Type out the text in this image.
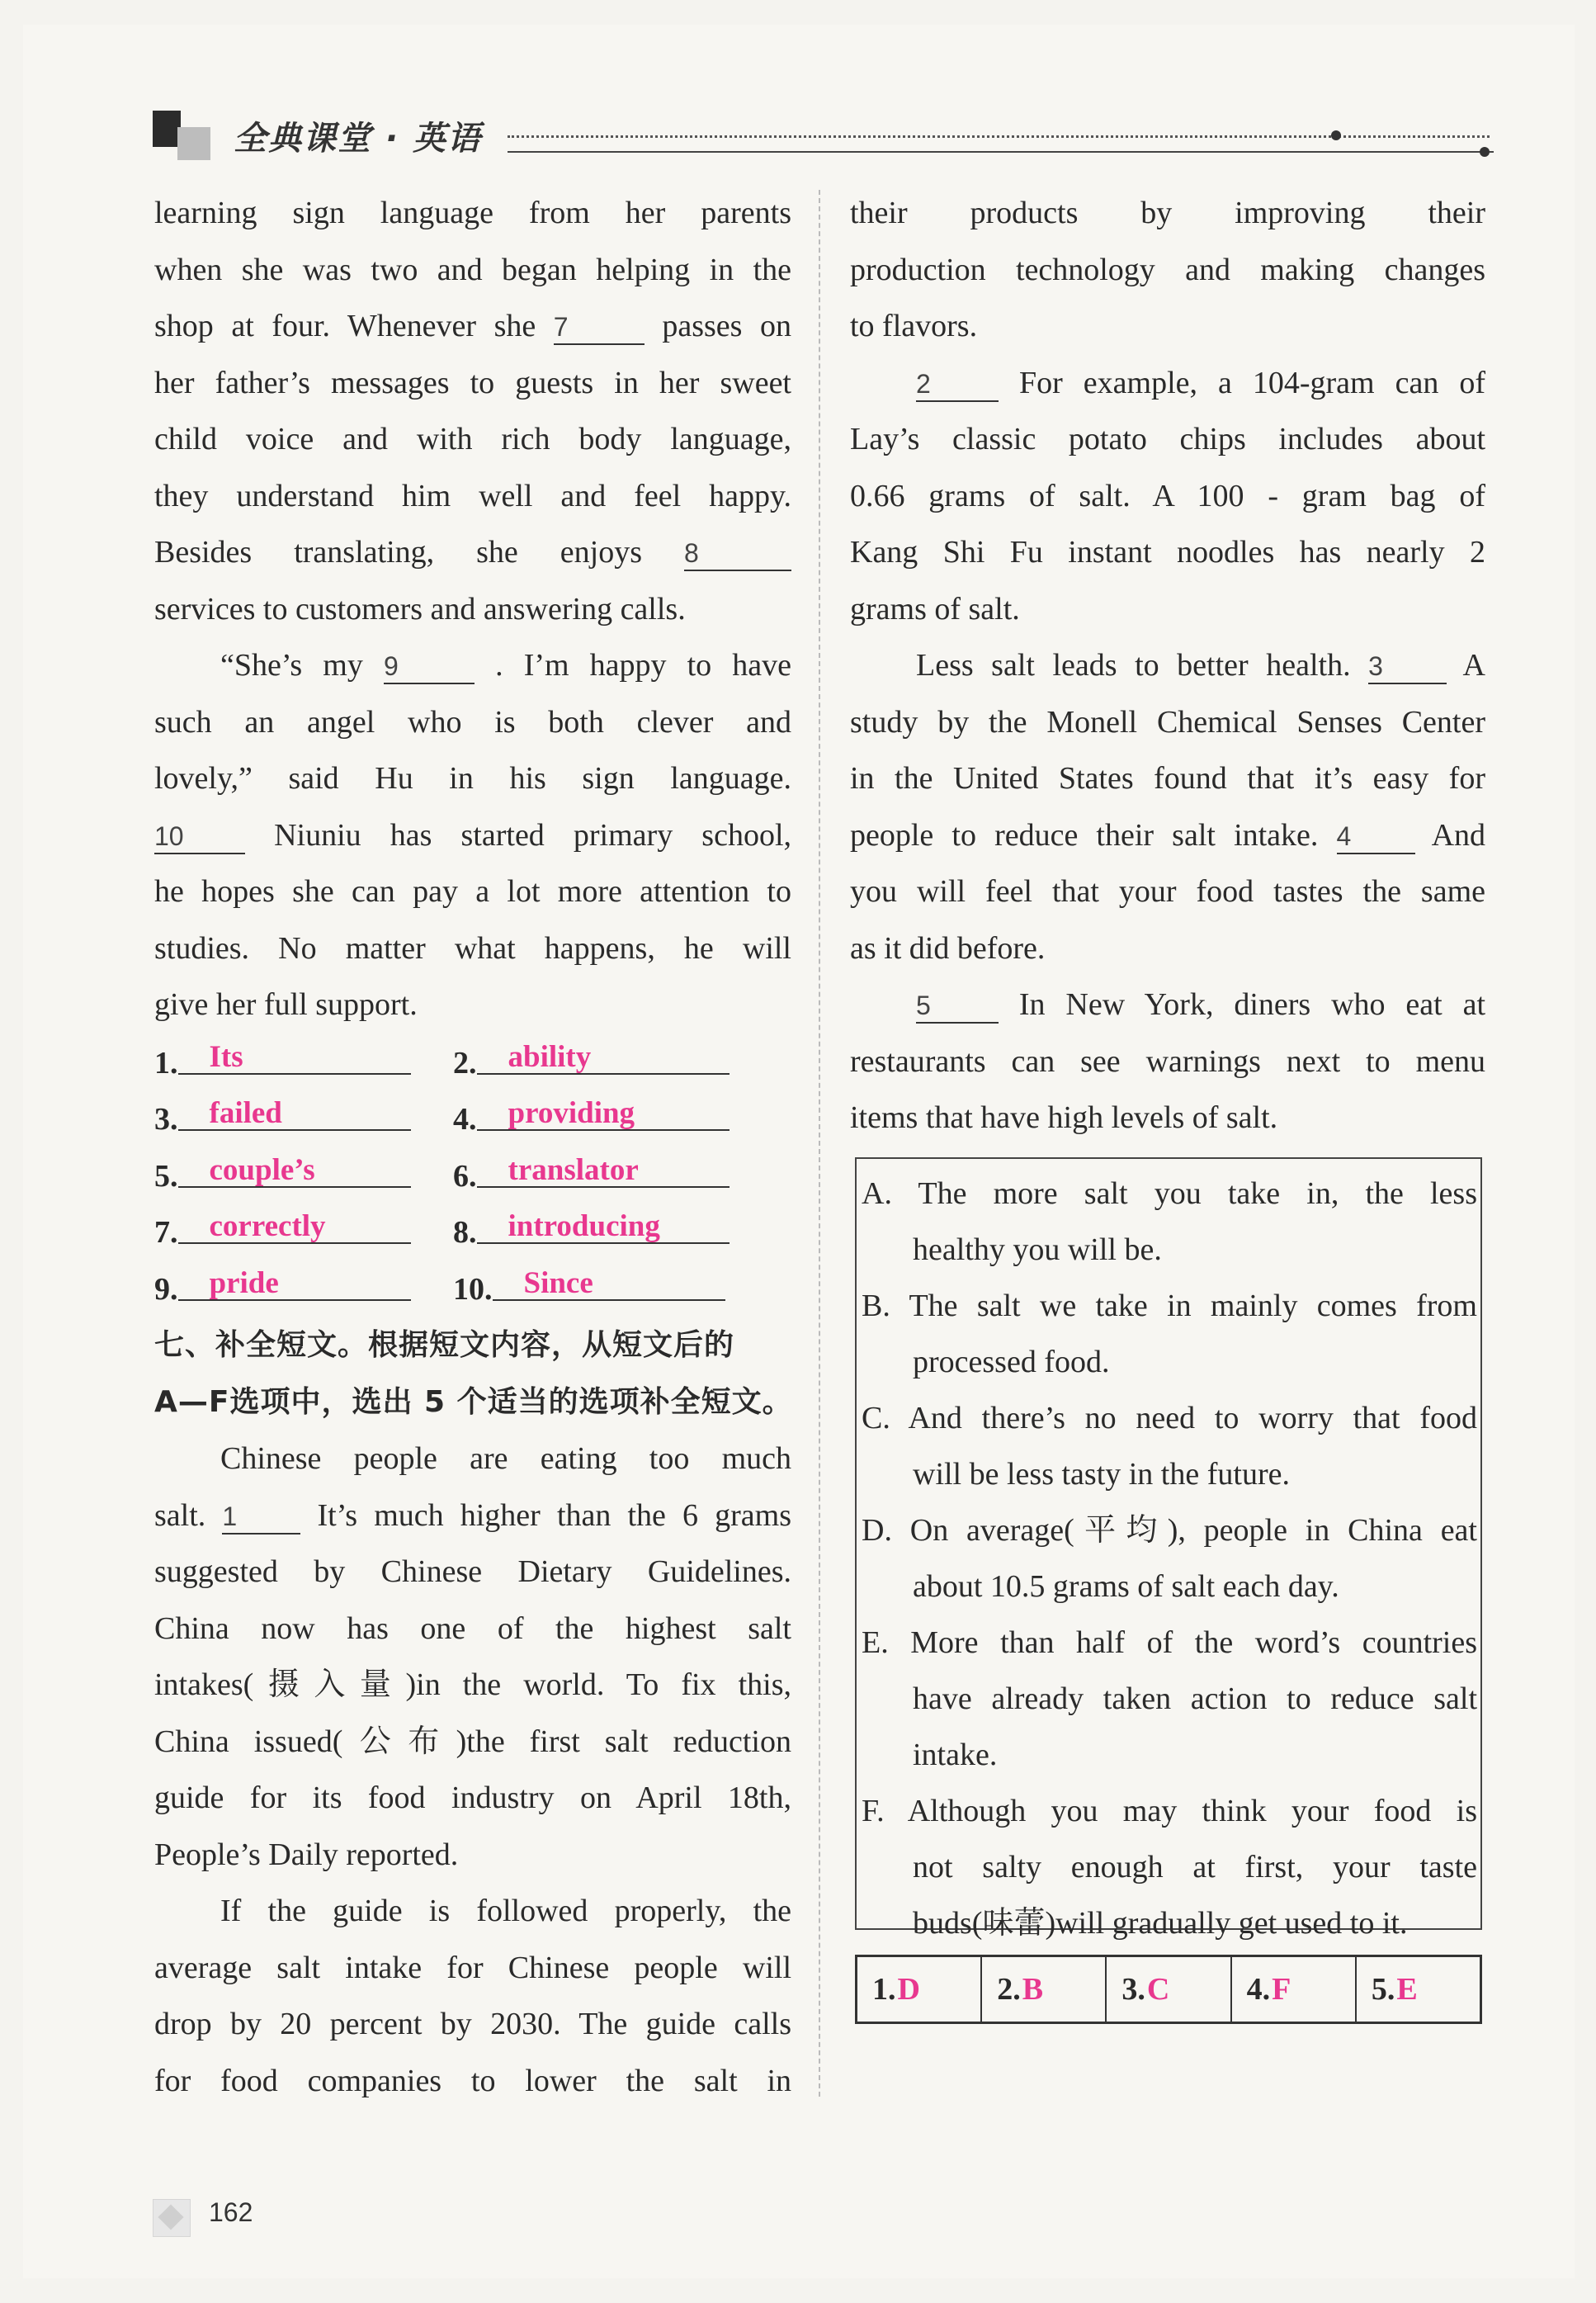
全典课堂 · 英语

learning sign language from her parents

when she was two and began helping in the

shop at four. Whenever she 7	passes on

her father’s messages to guests in her sweet

child voice and with rich body language,

they understand him well and feel happy.

Besides translating, she enjoys 8

services to customers and answering calls.

“She’s my 9	. I’m happy to have

such an angel who is both clever and

lovely,” said Hu in his sign language.

10	Niuniu has started primary school,

he hopes she can pay a lot more attention to

studies. No matter what happens, he will

give her full support.

1. Its	2. ability
3. failed	4. providing
5. couple’s	6. translator
7. correctly	8. introducing
9. pride	10. Since
七、补全短文。根据短文内容，从短文后的
A—F选项中，选出 5 个适当的选项补全短文。

Chinese people are eating too much

salt. 1	It’s much higher than the 6 grams

suggested by Chinese Dietary Guidelines.

China now has one of the highest salt

intakes(摄入量)in the world. To fix this,

China issued(公布)the first salt reduction

guide for its food industry on April 18th,

People’s Daily reported.

If the guide is followed properly, the

average salt intake for Chinese people will

drop by 20 percent by 2030. The guide calls

for food companies to lower the salt in

their products by improving their

production technology and making changes

to flavors.

2	For example, a 104-gram can of

Lay’s classic potato chips includes about

0.66 grams of salt. A 100 - gram bag of

Kang Shi Fu instant noodles has nearly 2

grams of salt.

Less salt leads to better health. 3	A

study by the Monell Chemical Senses Center

in the United States found that it’s easy for

people to reduce their salt intake. 4	And

you will feel that your food tastes the same

as it did before.

5	In New York, diners who eat at

restaurants can see warnings next to menu

items that have high levels of salt.

A. The more salt you take in, the less

healthy you will be.

B. The salt we take in mainly comes from

processed food.

C. And there’s no need to worry that food

will be less tasty in the future.

D. On average(平均), people in China eat

about 10.5 grams of salt each day.

E. More than half of the word’s countries

have already taken action to reduce salt

intake.

F. Although you may think your food is

not salty enough at first, your taste

buds(味蕾)will gradually get used to it.

1. D 2. B	3. C 4. F	5. E
162
